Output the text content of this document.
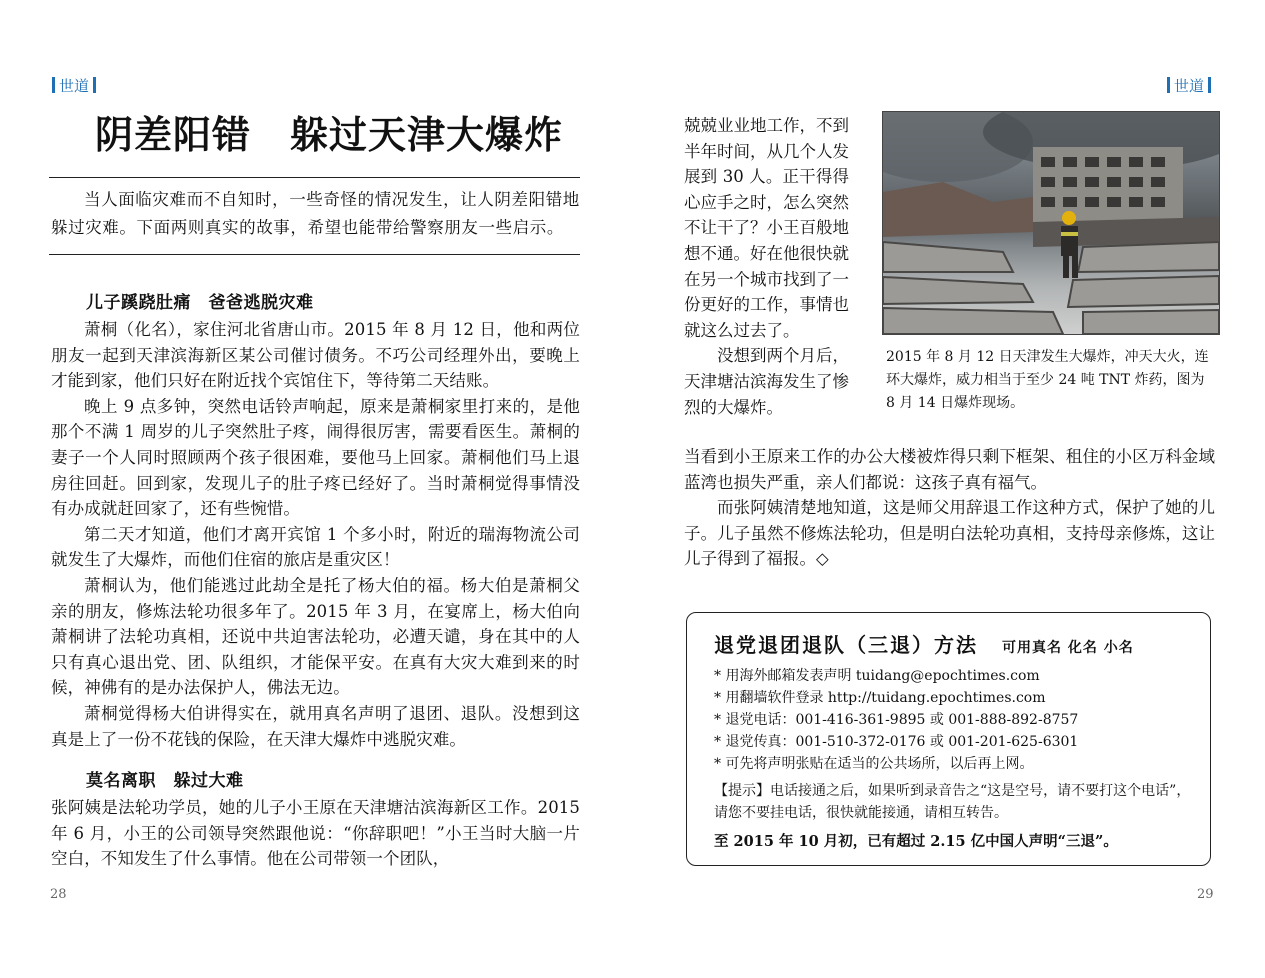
世道
阴差阳错　躲过天津大爆炸

当人面临灾难而不自知时，一些奇怪的情况发生，让人阴差阳错地躲过灾难。下面两则真实的故事，希望也能带给警察朋友一些启示。

儿子蹊跷肚痛　爸爸逃脱灾难

萧桐（化名），家住河北省唐山市。2015 年 8 月 12 日，他和两位朋友一起到天津滨海新区某公司催讨债务。不巧公司经理外出，要晚上才能到家，他们只好在附近找个宾馆住下，等待第二天结账。

晚上 9 点多钟，突然电话铃声响起，原来是萧桐家里打来的，是他那个不满 1 周岁的儿子突然肚子疼，闹得很厉害，需要看医生。萧桐的妻子一个人同时照顾两个孩子很困难，要他马上回家。萧桐他们马上退房往回赶。回到家，发现儿子的肚子疼已经好了。当时萧桐觉得事情没有办成就赶回家了，还有些惋惜。

第二天才知道，他们才离开宾馆 1 个多小时，附近的瑞海物流公司就发生了大爆炸，而他们住宿的旅店是重灾区！

萧桐认为，他们能逃过此劫全是托了杨大伯的福。杨大伯是萧桐父亲的朋友，修炼法轮功很多年了。2015 年 3 月，在宴席上，杨大伯向萧桐讲了法轮功真相，还说中共迫害法轮功，必遭天谴，身在其中的人只有真心退出党、团、队组织，才能保平安。在真有大灾大难到来的时候，神佛有的是办法保护人，佛法无边。

萧桐觉得杨大伯讲得实在，就用真名声明了退团、退队。没想到这真是上了一份不花钱的保险，在天津大爆炸中逃脱灾难。

莫名离职　躲过大难

张阿姨是法轮功学员，她的儿子小王原在天津塘沽滨海新区工作。2015 年 6 月，小王的公司领导突然跟他说：“你辞职吧！”小王当时大脑一片空白，不知发生了什么事情。他在公司带领一个团队，

28
世道

兢兢业业地工作，不到半年时间，从几个人发展到 30 人。正干得得心应手之时，怎么突然不让干了？小王百般地想不通。好在他很快就在另一个城市找到了一份更好的工作，事情也就这么过去了。

没想到两个月后，天津塘沽滨海发生了惨烈的大爆炸。

2015 年 8 月 12 日天津发生大爆炸，冲天大火，连环大爆炸，威力相当于至少 24 吨 TNT 炸药，图为 8 月 14 日爆炸现场。

当看到小王原来工作的办公大楼被炸得只剩下框架、租住的小区万科金域蓝湾也损失严重，亲人们都说：这孩子真有福气。

而张阿姨清楚地知道，这是师父用辞退工作这种方式，保护了她的儿子。儿子虽然不修炼法轮功，但是明白法轮功真相，支持母亲修炼，这让儿子得到了福报。◇

退党退团退队（三退）方法 可用真名 化名 小名
* 用海外邮箱发表声明 tuidang@epochtimes.com
* 用翻墙软件登录 http://tuidang.epochtimes.com
* 退党电话：001-416-361-9895 或 001-888-892-8757
* 退党传真：001-510-372-0176 或 001-201-625-6301
* 可先将声明张贴在适当的公共场所，以后再上网。
【提示】电话接通之后，如果听到录音告之“这是空号，请不要打这个电话”，请您不要挂电话，很快就能接通，请相互转告。
至 2015 年 10 月初，已有超过 2.15 亿中国人声明“三退”。
29
